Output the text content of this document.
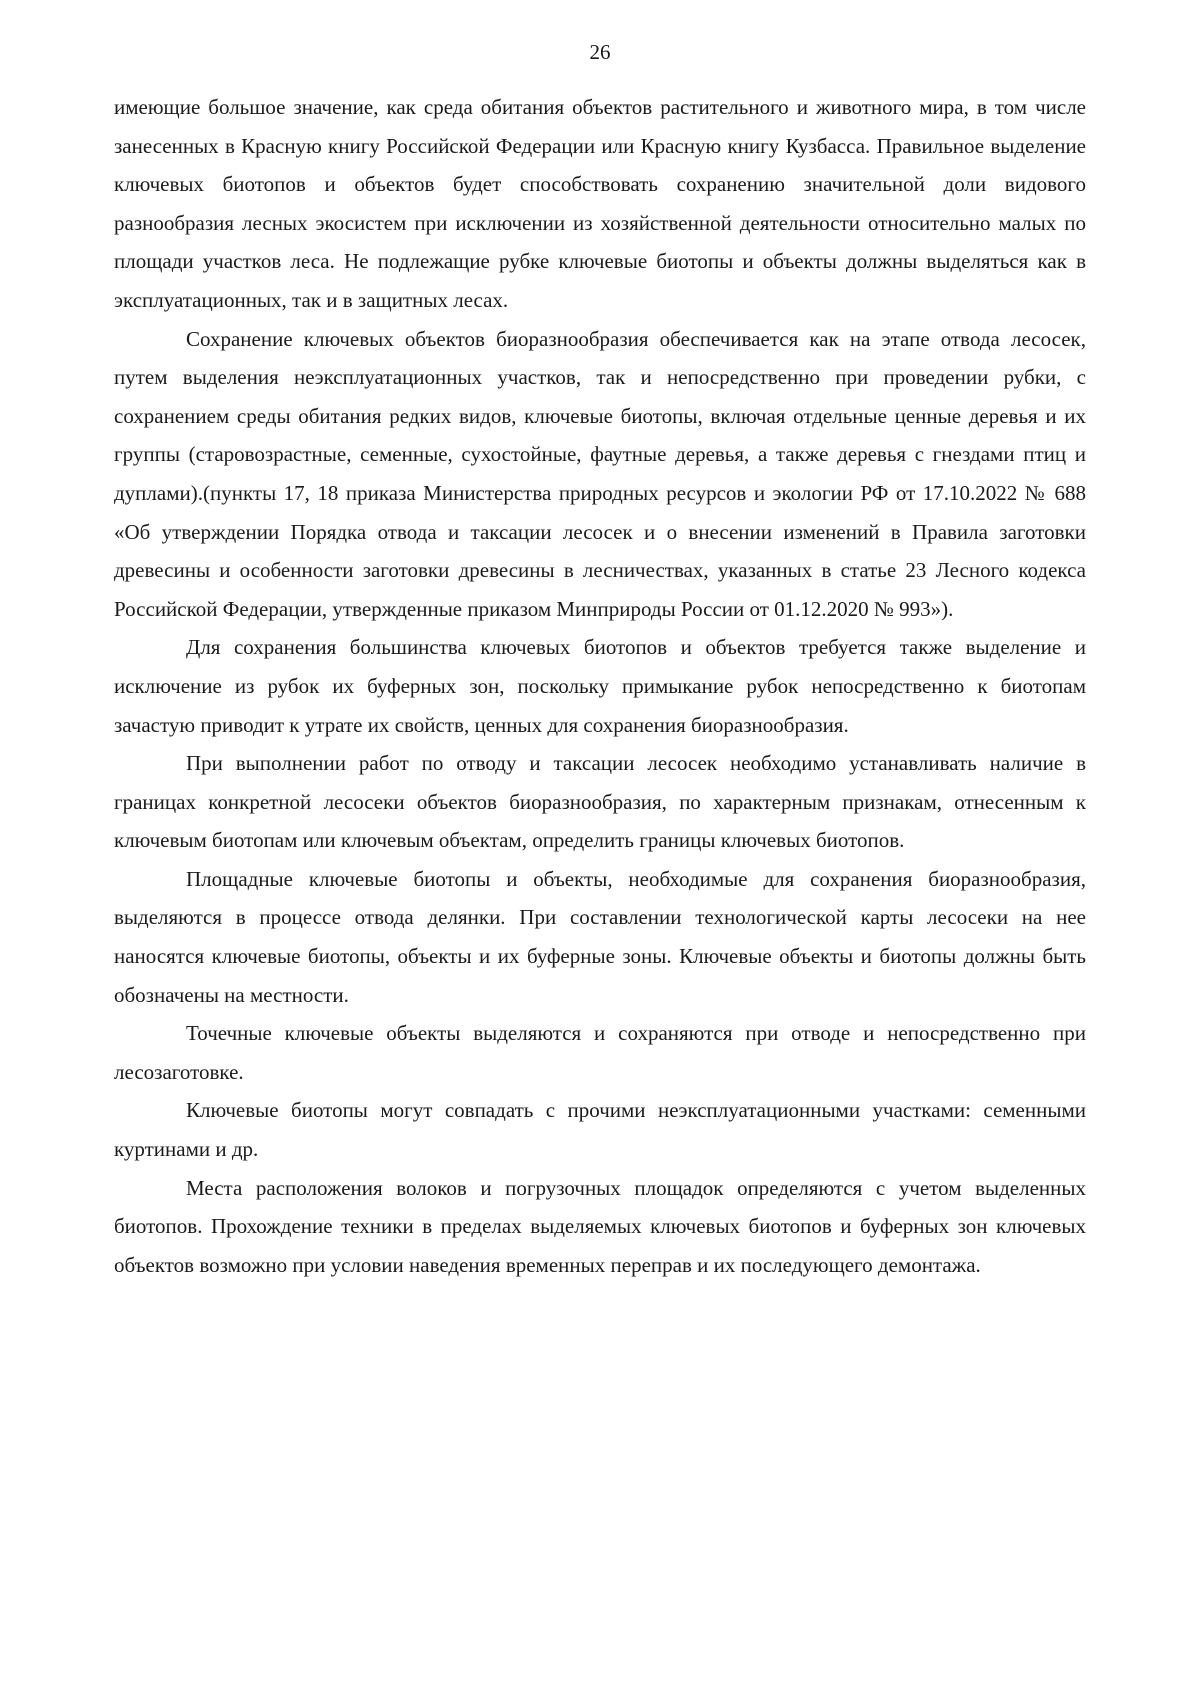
26

имеющие большое значение, как среда обитания объектов растительного и животного мира, в том числе занесенных в Красную книгу Российской Федерации или Красную книгу Кузбасса. Правильное выделение ключевых биотопов и объектов будет способствовать сохранению значительной доли видового разнообразия лесных экосистем при исключении из хозяйственной деятельности относительно малых по площади участков леса. Не подлежащие рубке ключевые биотопы и объекты должны выделяться как в эксплуатационных, так и в защитных лесах.

Сохранение ключевых объектов биоразнообразия обеспечивается как на этапе отвода лесосек, путем выделения неэксплуатационных участков, так и непосредственно при проведении рубки, с сохранением среды обитания редких видов, ключевые биотопы, включая отдельные ценные деревья и их группы (старовозрастные, семенные, сухостойные, фаутные деревья, а также деревья с гнездами птиц и дуплами).(пункты 17, 18 приказа Министерства природных ресурсов и экологии РФ от 17.10.2022 № 688 «Об утверждении Порядка отвода и таксации лесосек и о внесении изменений в Правила заготовки древесины и особенности заготовки древесины в лесничествах, указанных в статье 23 Лесного кодекса Российской Федерации, утвержденные приказом Минприроды России от 01.12.2020 № 993»).

Для сохранения большинства ключевых биотопов и объектов требуется также выделение и исключение из рубок их буферных зон, поскольку примыкание рубок непосредственно к биотопам зачастую приводит к утрате их свойств, ценных для сохранения биоразнообразия.

При выполнении работ по отводу и таксации лесосек необходимо устанавливать наличие в границах конкретной лесосеки объектов биоразнообразия, по характерным признакам, отнесенным к ключевым биотопам или ключевым объектам, определить границы ключевых биотопов.

Площадные ключевые биотопы и объекты, необходимые для сохранения биоразнообразия, выделяются в процессе отвода делянки. При составлении технологической карты лесосеки на нее наносятся ключевые биотопы, объекты и их буферные зоны. Ключевые объекты и биотопы должны быть обозначены на местности.

Точечные ключевые объекты выделяются и сохраняются при отводе и непосредственно при лесозаготовке.

Ключевые биотопы могут совпадать с прочими неэксплуатационными участками: семенными куртинами и др.

Места расположения волоков и погрузочных площадок определяются с учетом выделенных биотопов. Прохождение техники в пределах выделяемых ключевых биотопов и буферных зон ключевых объектов возможно при условии наведения временных переправ и их последующего демонтажа.
